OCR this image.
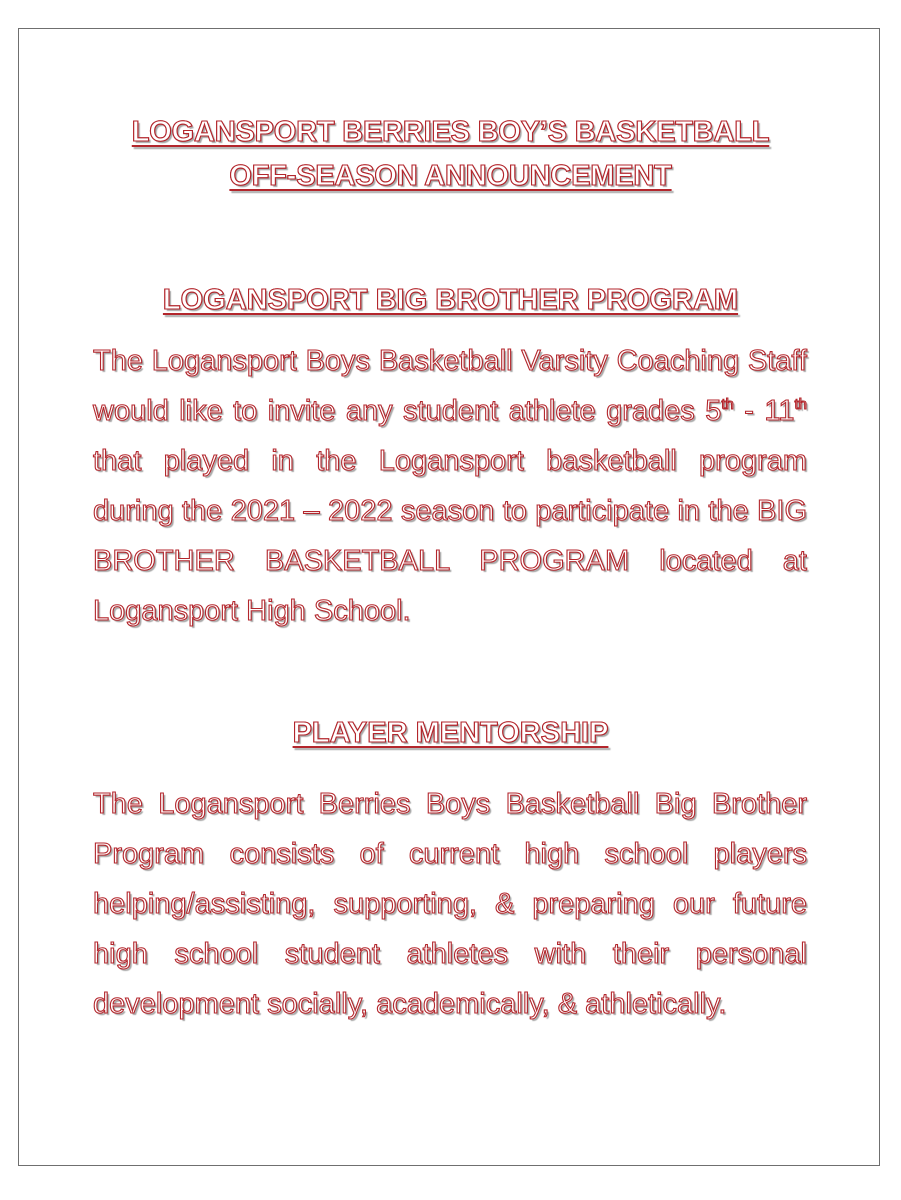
LOGANSPORT BERRIES BOY’S BASKETBALL
OFF-SEASON ANNOUNCEMENT
LOGANSPORT BIG BROTHER PROGRAM

The Logansport Boys Basketball Varsity Coaching Staff would like to invite any student athlete grades 5th - 11th that played in the Logansport basketball program during the 2021 – 2022 season to participate in the BIG BROTHER BASKETBALL PROGRAM located at Logansport High School.

PLAYER MENTORSHIP

The Logansport Berries Boys Basketball Big Brother Program consists of current high school players helping/assisting, supporting, & preparing our future high school student athletes with their personal development socially, academically, & athletically.
